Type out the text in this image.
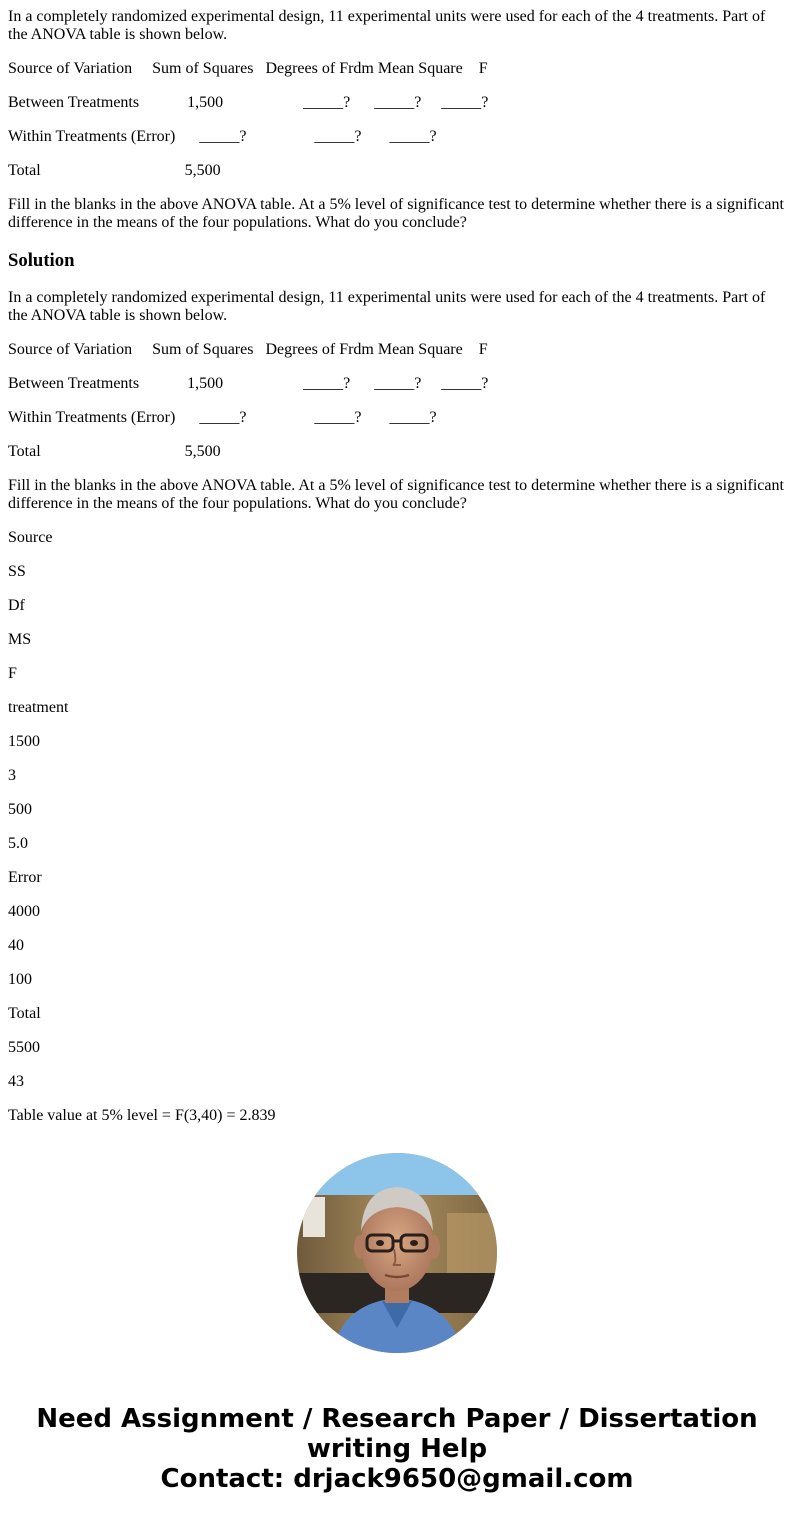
In a completely randomized experimental design, 11 experimental units were used for each of the 4 treatments. Part of the ANOVA table is shown below.

Source of Variation     Sum of Squares   Degrees of Frdm Mean Square    F

Between Treatments            1,500                    _____?      _____?     _____?

Within Treatments (Error)      _____?                 _____?       _____?

Total                                    5,500

Fill in the blanks in the above ANOVA table. At a 5% level of significance test to determine whether there is a significant difference in the means of the four populations. What do you conclude?

Solution

In a completely randomized experimental design, 11 experimental units were used for each of the 4 treatments. Part of the ANOVA table is shown below.

Source of Variation     Sum of Squares   Degrees of Frdm Mean Square    F

Between Treatments            1,500                    _____?      _____?     _____?

Within Treatments (Error)      _____?                 _____?       _____?

Total                                    5,500

Fill in the blanks in the above ANOVA table. At a 5% level of significance test to determine whether there is a significant difference in the means of the four populations. What do you conclude?

Source

SS

Df

MS

F

treatment

1500

3

500

5.0

Error

4000

40

100

Total

5500

43

Table value at 5% level = F(3,40) = 2.839

Need Assignment / Research Paper / Dissertation
writing Help
Contact: drjack9650@gmail.com
